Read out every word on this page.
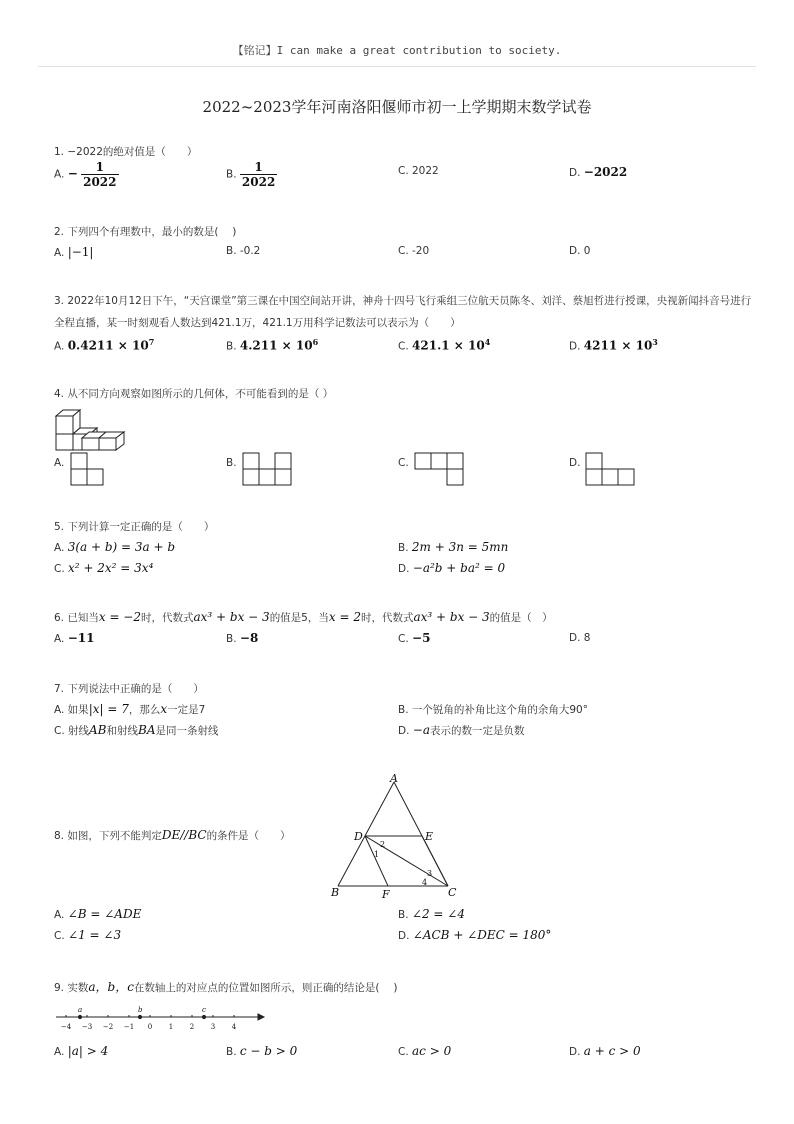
【铭记】I can make a great contribution to society.
2022~2023学年河南洛阳偃师市初一上学期期末数学试卷
1. −2022的绝对值是（　　）
A. − $\frac{1}{2022}$	B. $\frac{1}{2022}$	C. 2022	D. −2022
2. 下列四个有理数中，最小的数是(　 )
A. |−1|	B. -0.2	C. -20	D. 0
3. 2022年10月12日下午，“天宫课堂”第三课在中国空间站开讲，神舟十四号飞行乘组三位航天员陈冬、刘洋、蔡旭哲进行授课，央视新闻抖音号进行全程直播，某一时刻观看人数达到421.1万，421.1万用科学记数法可以表示为（　　）
A. $0.4211 \times 10^7$	B. $4.211 \times 10^6$	C. $421.1 \times 10^4$	D. $4211 \times 10^3$
4. 从不同方向观察如图所示的几何体，不可能看到的是（ ）
A.	B.	C.	D.
5. 下列计算一定正确的是（　　）
A. 3(a + b) = 3a + b	B. 2m + 3n = 5mn
C. x² + 2x² = 3x⁴	D. −a²b + ba² = 0
6. 已知当x = −2时，代数式ax³ + bx − 3的值是5，当x = 2时，代数式ax³ + bx − 3的值是（　）
A. −11	B. −8	C. −5	D. 8
7. 下列说法中正确的是（　　）
A. 如果|x| = 7，那么x一定是7	B. 一个锐角的补角比这个角的余角大90°
C. 射线AB和射线BA是同一条射线	D. −a表示的数一定是负数
8. 如图，下列不能判定DE//BC的条件是（　　）
A
D	E
B	F	C
1
2
3
4
A. ∠B = ∠ADE	B. ∠2 = ∠4
C. ∠1 = ∠3	D. ∠ACB + ∠DEC = 180°
9. 实数a，b，c在数轴上的对应点的位置如图所示，则正确的结论是(　 )
−4 −3 −2 −1 0 1 2 3 4
a	b	c
A. |a| > 4	B. c − b > 0	C. ac > 0	D. a + c > 0
